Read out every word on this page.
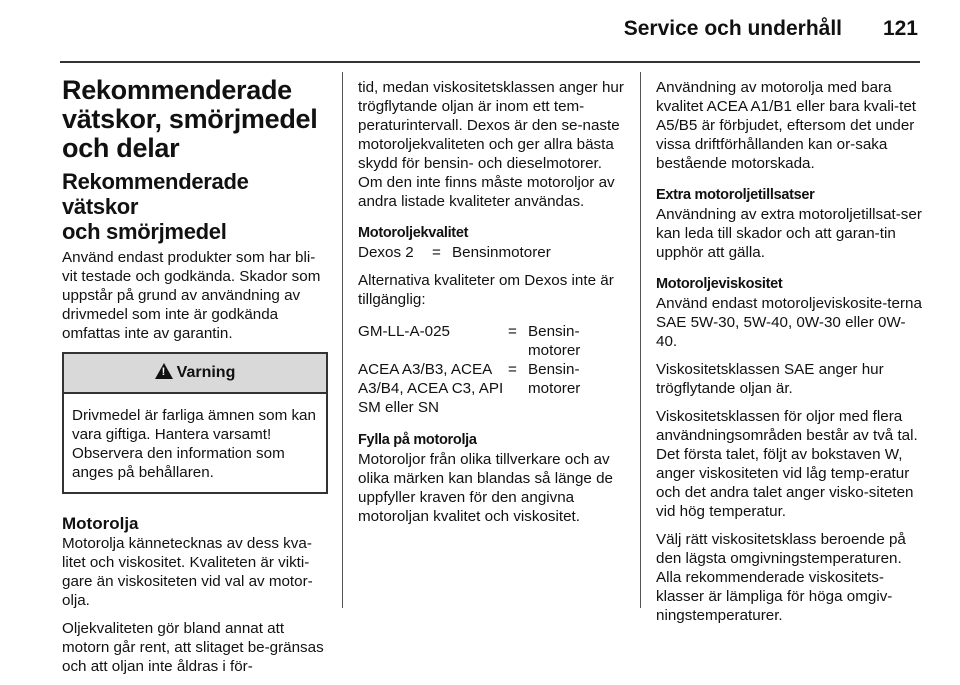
Service och underhåll 121
Rekommenderade
vätskor, smörjmedel
och delar
Rekommenderade vätskor
och smörjmedel

Använd endast produkter som har bli-vit testade och godkända. Skador som uppstår på grund av användning av drivmedel som inte är godkända omfattas inte av garantin.

! Varning
Drivmedel är farliga ämnen som kan vara giftiga. Hantera varsamt! Observera den information som anges på behållaren.
Motorolja

Motorolja kännetecknas av dess kva-litet och viskositet. Kvaliteten är vikti-gare än viskositeten vid val av motor-olja.

Oljekvaliteten gör bland annat att motorn går rent, att slitaget be-gränsas och att oljan inte åldras i för-

tid, medan viskositetsklassen anger hur trögflytande oljan är inom ett tem-peraturintervall. Dexos är den se-naste motoroljekvaliteten och ger allra bästa skydd för bensin- och dieselmotorer. Om den inte finns måste motoroljor av andra listade kvaliteter användas.

Motoroljekvalitet
Dexos 2	= Bensinmotorer

Alternativa kvaliteter om Dexos inte är tillgänglig:

GM-LL-A-025	= Bensin-motorer
ACEA A3/B3, ACEA A3/B4, ACEA C3, API SM eller SN
= Bensin-motorer
Fylla på motorolja

Motoroljor från olika tillverkare och av olika märken kan blandas så länge de uppfyller kraven för den angivna motoroljan kvalitet och viskositet.

Användning av motorolja med bara kvalitet ACEA A1/B1 eller bara kvali-tet A5/B5 är förbjudet, eftersom det under vissa driftförhållanden kan or-saka bestående motorskada.

Extra motoroljetillsatser

Användning av extra motoroljetillsat-ser kan leda till skador och att garan-tin upphör att gälla.

Motoroljeviskositet

Använd endast motoroljeviskosite-terna SAE 5W-30, 5W-40, 0W-30 eller 0W-40.

Viskositetsklassen SAE anger hur trögflytande oljan är.

Viskositetsklassen för oljor med flera användningsområden består av två tal. Det första talet, följt av bokstaven W, anger viskositeten vid låg temp-eratur och det andra talet anger visko-siteten vid hög temperatur.

Välj rätt viskositetsklass beroende på den lägsta omgivningstemperaturen. Alla rekommenderade viskositets-klasser är lämpliga för höga omgiv-ningstemperaturer.
